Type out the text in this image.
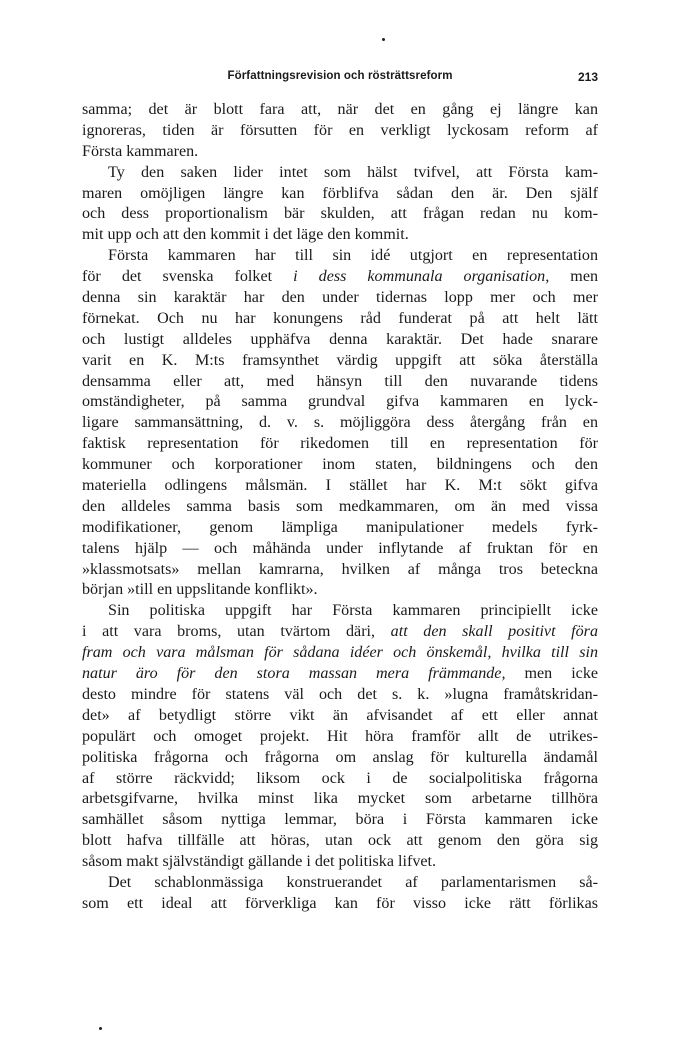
Författningsrevision och rösträttsreform	213
samma; det är blott fara att, när det en gång ej längre kan
ignoreras, tiden är försutten för en verkligt lyckosam reform af
Första kammaren.
Ty den saken lider intet som hälst tvifvel, att Första kam-
maren omöjligen längre kan förblifva sådan den är. Den själf
och dess proportionalism bär skulden, att frågan redan nu kom-
mit upp och att den kommit i det läge den kommit.
Första kammaren har till sin idé utgjort en representation
för det svenska folket i dess kommunala organisation, men
denna sin karaktär har den under tidernas lopp mer och mer
förnekat. Och nu har konungens råd funderat på att helt lätt
och lustigt alldeles upphäfva denna karaktär. Det hade snarare
varit en K. M:ts framsynthet värdig uppgift att söka återställa
densamma eller att, med hänsyn till den nuvarande tidens
omständigheter, på samma grundval gifva kammaren en lyck-
ligare sammansättning, d. v. s. möjliggöra dess återgång från en
faktisk representation för rikedomen till en representation för
kommuner och korporationer inom staten, bildningens och den
materiella odlingens målsmän. I stället har K. M:t sökt gifva
den alldeles samma basis som medkammaren, om än med vissa
modifikationer, genom lämpliga manipulationer medels fyrk-
talens hjälp — och måhända under inflytande af fruktan för en
»klassmotsats» mellan kamrarna, hvilken af många tros beteckna
början »till en uppslitande konflikt».
Sin politiska uppgift har Första kammaren principiellt icke
i att vara broms, utan tvärtom däri, att den skall positivt föra
fram och vara målsman för sådana idéer och önskemål, hvilka till sin
natur äro för den stora massan mera främmande, men icke
desto mindre för statens väl och det s. k. »lugna framåtskridan-
det» af betydligt större vikt än afvisandet af ett eller annat
populärt och omoget projekt. Hit höra framför allt de utrikes-
politiska frågorna och frågorna om anslag för kulturella ändamål
af större räckvidd; liksom ock i de socialpolitiska frågorna
arbetsgifvarne, hvilka minst lika mycket som arbetarne tillhöra
samhället såsom nyttiga lemmar, böra i Första kammaren icke
blott hafva tillfälle att höras, utan ock att genom den göra sig
såsom makt självständigt gällande i det politiska lifvet.
Det schablonmässiga konstruerandet af parlamentarismen så-
som ett ideal att förverkliga kan för visso icke rätt förlikas
